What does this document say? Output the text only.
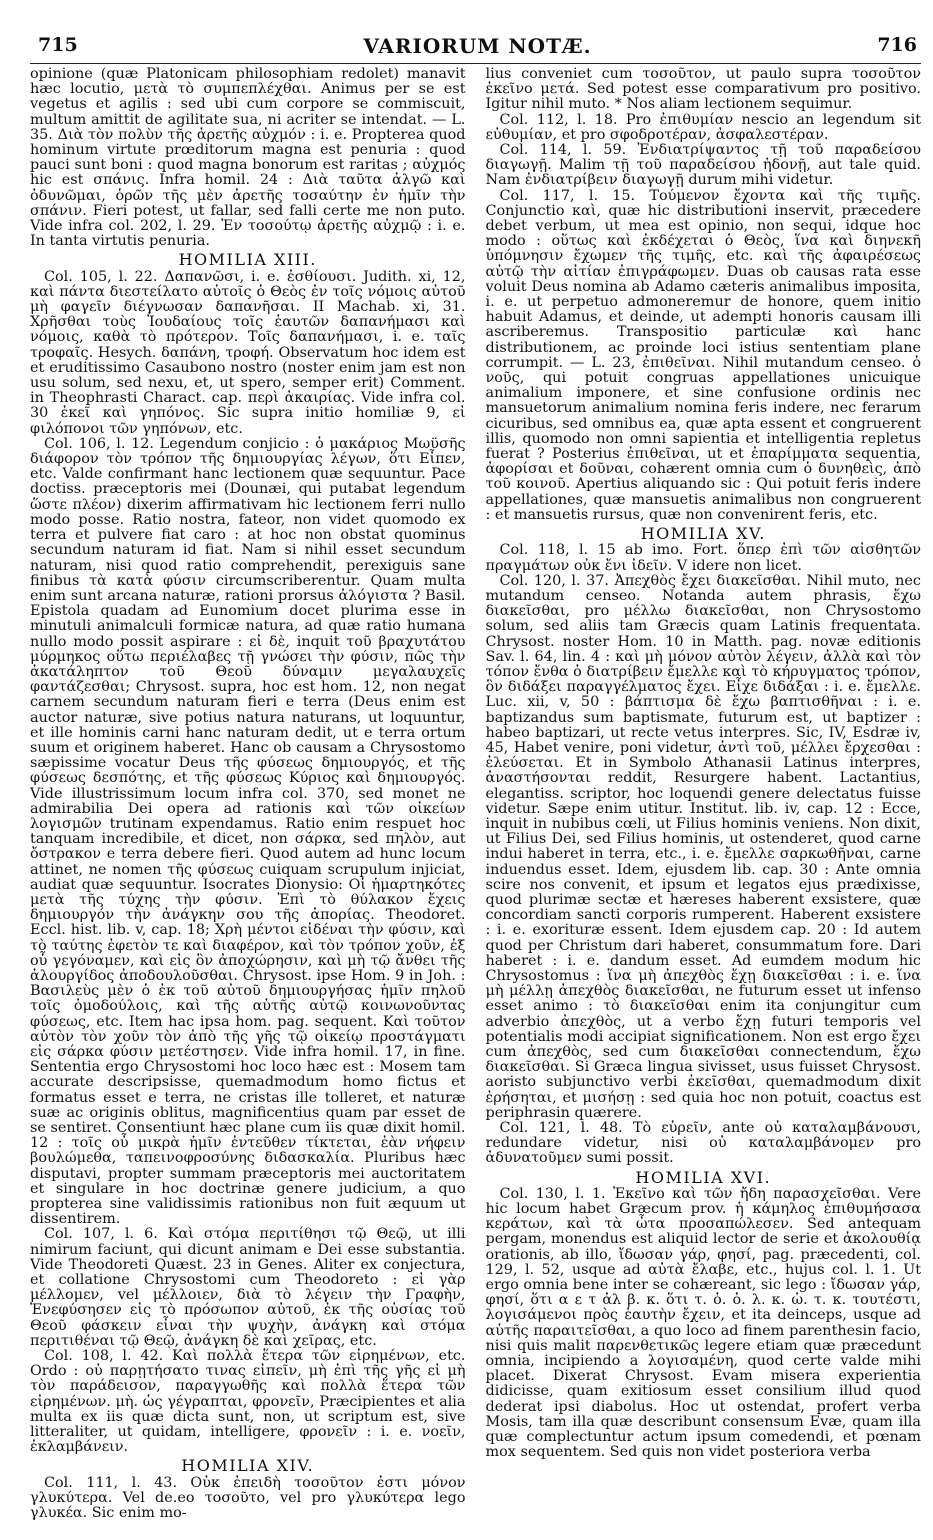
715	VARIORUM NOTÆ.	716

opinione (quæ Platonicam philosophiam redolet) manavit hæc locutio, μετὰ τὸ συμπεπλέχθαι. Animus per se est vegetus et agilis : sed ubi cum corpore se commiscuit, multum amittit de agilitate sua, ni acriter se intendat. — L. 35. Διὰ τὸν πολὺν τῆς ἀρετῆς αὐχμόν : i. e. Propterea quod hominum virtute prœditorum magna est penuria : quod pauci sunt boni : quod magna bonorum est raritas ; αὐχμός hic est σπάνις. Infra homil. 24 : Διὰ ταῦτα ἀλγῶ καὶ ὀδυνῶμαι, ὁρῶν τῆς μὲν ἀρετῆς τοσαύτην ἐν ἡμῖν τὴν σπάνιν. Fieri potest, ut fallar, sed falli certe me non puto. Vide infra col. 202, l. 29. Ἐν τοσούτῳ ἀρετῆς αὐχμῷ : i. e. In tanta virtutis penuria.

HOMILIA XIII.

Col. 105, l. 22. Δαπανῶσι, i. e. ἐσθίουσι. Judith. xi, 12, καὶ πάντα διεστείλατο αὐτοῖς ὁ Θεὸς ἐν τοῖς νόμοις αὐτοῦ μὴ φαγεῖν διέγνωσαν δαπανῆσαι. II Machab. xi, 31. Χρῆσθαι τοὺς Ἰουδαίους τοῖς ἑαυτῶν δαπανήμασι καὶ νόμοις, καθὰ τὸ πρότερον. Τοῖς δαπανήμασι, i. e. ταῖς τροφαῖς. Hesych. δαπάνη, τροφή. Observatum hoc idem est et eruditissimo Casaubono nostro (noster enim jam est non usu solum, sed nexu, et, ut spero, semper erit) Comment. in Theophrasti Charact. cap. περὶ ἀκαιρίας. Vide infra col. 30 ἐκεῖ καὶ γηπόνος. Sic supra initio homiliæ 9, εἰ φιλόπονοι τῶν γηπόνων, etc.

Col. 106, l. 12. Legendum conjicio : ὁ μακάριος Μωϋσῆς διάφορον τὸν τρόπον τῆς δημιουργίας λέγων, ὅτι Εἶπεν, etc. Valde confirmant hanc lectionem quæ sequuntur. Pace doctiss. præceptoris mei (Dounæi, qui putabat legendum ὥστε πλέον) dixerim affirmativam hic lectionem ferri nullo modo posse. Ratio nostra, fateor, non videt quomodo ex terra et pulvere fiat caro : at hoc non obstat quominus secundum naturam id fiat. Nam si nihil esset secundum naturam, nisi quod ratio comprehendit, perexiguis sane finibus τὰ κατὰ φύσιν circumscriberentur. Quam multa enim sunt arcana naturæ, rationi prorsus ἀλόγιστα ? Basil. Epistola quadam ad Eunomium docet plurima esse in minutuli animalculi formicæ natura, ad quæ ratio humana nullo modo possit aspirare : εἰ δὲ, inquit τοῦ βραχυτάτου μύρμηκος οὕτω περιέλαβες τῇ γνώσει τὴν φύσιν, πῶς τὴν ἀκατάληπτον τοῦ Θεοῦ δύναμιν μεγαλαυχεῖς φαντάζεσθαι; Chrysost. supra, hoc est hom. 12, non negat carnem secundum naturam fieri e terra (Deus enim est auctor naturæ, sive potius natura naturans, ut loquuntur, et ille hominis carni hanc naturam dedit, ut e terra ortum suum et originem haberet. Hanc ob causam a Chrysostomo sæpissime vocatur Deus τῆς φύσεως δημιουργός, et τῆς φύσεως δεσπότης, et τῆς φύσεως Κύριος καὶ δημιουργός. Vide illustrissimum locum infra col. 370, sed monet ne admirabilia Dei opera ad rationis καὶ τῶν οἰκείων λογισμῶν trutinam expendamus. Ratio enim respuet hoc tanquam incredibile, et dicet, non σάρκα, sed πηλὸν, aut ὄστρακον e terra debere fieri. Quod autem ad hunc locum attinet, ne nomen τῆς φύσεως cuiquam scrupulum injiciat, audiat quæ sequuntur. Isocrates Dionysio: Οἱ ἡμαρτηκότες μετὰ τῆς τύχης τὴν φύσιν. Ἐπὶ τὸ θύλακον ἔχεις δημιουργόν τὴν ἀνάγκην σου τῆς ἀπορίας. Theodoret. Eccl. hist. lib. v, cap. 18; Χρὴ μέντοι εἰδέναι τὴν φύσιν, καὶ τὸ ταύτης ἐφετὸν τε καὶ διαφέρον, καὶ τὸν τρόπον χοῦν, ἐξ οὗ γεγόναμεν, καὶ εἰς ὃν ἀποχώρησιν, καὶ μὴ τῷ ἄνθει τῆς ἀλουργίδος ἀποδουλοῦσθαι. Chrysost. ipse Hom. 9 in Joh. : Βασιλεὺς μὲν ὁ ἐκ τοῦ αὐτοῦ δημιουργήσας ἡμῖν πηλοῦ τοῖς ὁμοδούλοις, καὶ τῆς αὐτῆς αὐτῷ κοινωνοῦντας φύσεως, etc. Item hac ipsa hom. pag. sequent. Καὶ τοῦτον αὐτὸν τὸν χοῦν τὸν ἀπὸ τῆς γῆς τῷ οἰκείῳ προστάγματι εἰς σάρκα φύσιν μετέστησεν. Vide infra homil. 17, in fine. Sententia ergo Chrysostomi hoc loco hæc est : Mosem tam accurate descripsisse, quemadmodum homo fictus et formatus esset e terra, ne cristas ille tolleret, et naturæ suæ ac originis oblitus, magnificentius quam par esset de se sentiret. Consentiunt hæc plane cum iis quæ dixit homil. 12 : τοῖς οὖ μικρὰ ἡμῖν ἐντεῦθεν τίκτεται, ἐὰν νήφειν βουλώμεθα, ταπεινοφροσύνης διδασκαλία. Pluribus hæc disputavi, propter summam præceptoris mei auctoritatem et singulare in hoc doctrinæ genere judicium, a quo propterea sine validissimis rationibus non fuit æquum ut dissentirem.

Col. 107, l. 6. Καὶ στόμα περιτίθησι τῷ Θεῷ, ut illi nimirum faciunt, qui dicunt animam e Dei esse substantia. Vide Theodoreti Quæst. 23 in Genes. Aliter ex conjectura, et collatione Chrysostomi cum Theodoreto : εἰ γὰρ μέλλομεν, vel μέλλοιεν, διὰ τὸ λέγειν τὴν Γραφὴν, Ἐνεφύσησεν εἰς τὸ πρόσωπον αὐτοῦ, ἐκ τῆς οὐσίας τοῦ Θεοῦ φάσκειν εἶναι τὴν ψυχὴν, ἀνάγκη καὶ στόμα περιτιθέναι τῷ Θεῷ, ἀνάγκη δὲ καὶ χεῖρας, etc.

Col. 108, l. 42. Καὶ πολλὰ ἕτερα τῶν εἰρημένων, etc. Ordo : οὐ παρῃτήσατο τινας εἰπεῖν, μὴ ἐπὶ τῆς γῆς εἰ μὴ τὸν παράδεισον, παραγγωθῆς καὶ πολλὰ ἕτερα τῶν εἰρημένων. μὴ. ὡς γέγραπται, φρονεῖν, Præcipientes et alia multa ex iis quæ dicta sunt, non, ut scriptum est, sive litteraliter, ut quidam, intelligere, φρονεῖν : i. e. νοεῖν, ἐκλαμβάνειν.

HOMILIA XIV.

Col. 111, l. 43. Οὐκ ἐπειδὴ τοσοῦτον ἐστι μόνον γλυκύτερα. Vel de.eo τοσοῦτο, vel pro γλυκύτερα lego γλυκέα. Sic enim mo-

lius conveniet cum τοσοῦτον, ut paulo supra τοσοῦτον ἐκεῖνο μετά. Sed potest esse comparativum pro positivo. Igitur nihil muto. * Nos aliam lectionem sequimur.

Col. 112, l. 18. Pro ἐπιθυμίαν nescio an legendum sit εὐθυμίαν, et pro σφοδροτέραν, ἀσφαλεστέραν.

Col. 114, l. 59. Ἐνδιατρίψαντος τῇ τοῦ παραδείσου διαγωγῇ. Malim τῇ τοῦ παραδείσου ἡδονῇ, aut tale quid. Nam ἐνδιατρίβειν διαγωγῇ durum mihi videtur.

Col. 117, l. 15. Τούμενον ἔχοντα καὶ τῆς τιμῆς. Conjunctio καὶ, quæ hic distributioni inservit, præcedere debet verbum, ut mea est opinio, non sequi, idque hoc modo : οὕτως καὶ ἐκδέχεται ὁ Θεὸς, ἵνα καὶ διηνεκῆ ὑπόμνησιν ἔχωμεν τῆς τιμῆς, etc. καὶ τῆς ἀφαιρέσεως αὐτῷ τὴν αἰτίαν ἐπιγράφωμεν. Duas ob causas rata esse voluit Deus nomina ab Adamo cæteris animalibus imposita, i. e. ut perpetuo admoneremur de honore, quem initio habuit Adamus, et deinde, ut adempti honoris causam illi ascriberemus. Transpositio particulæ καὶ hanc distributionem, ac proinde loci istius sententiam plane corrumpit. — L. 23, ἐπιθεῖναι. Nihil mutandum censeo. ὁ νοῦς, qui potuit congruas appellationes unicuique animalium imponere, et sine confusione ordinis nec mansuetorum animalium nomina feris indere, nec ferarum cicuribus, sed omnibus ea, quæ apta essent et congruerent illis, quomodo non omni sapientia et intelligentia repletus fuerat ? Posterius ἐπιθεῖναι, ut et ἐπαρίμματα sequentia, ἀφορίσαι et δοῦναι, cohærent omnia cum ὁ δυνηθεὶς, ἀπὸ τοῦ κοινοῦ. Apertius aliquando sic : Qui potuit feris indere appellationes, quæ mansuetis animalibus non congruerent : et mansuetis rursus, quæ non convenirent feris, etc.

HOMILIA XV.

Col. 118, l. 15 ab imo. Fort. ὅπερ ἐπὶ τῶν αἰσθητῶν πραγμάτων οὐκ ἔνι ἰδεῖν. V idere non licet.

Col. 120, l. 37. Ἀπεχθὸς ἔχει διακεῖσθαι. Nihil muto, nec mutandum censeo. Notanda autem phrasis, ἔχω διακεῖσθαι, pro μέλλω διακεῖσθαι, non Chrysostomo solum, sed aliis tam Græcis quam Latinis frequentata. Chrysost. noster Hom. 10 in Matth. pag. novæ editionis Sav. l. 64, lin. 4 : καὶ μὴ μόνον αὐτὸν λέγειν, ἀλλὰ καὶ τὸν τόπον ἔνθα ὁ διατρίβειν ἔμελλε καὶ τὸ κήρυγματος τρόπον, ὃν διδάξει παραγγέλματος ἔχει. Εἶχε διδάξαι : i. e. ἔμελλε. Luc. xii, v, 50 : βάπτισμα δὲ ἔχω βαπτισθῆναι : i. e. baptizandus sum baptismate, futurum est, ut baptizer : habeo baptizari, ut recte vetus interpres. Sic, IV, Esdræ iv, 45, Habet venire, poni videtur, ἀντὶ τοῦ, μέλλει ἔρχεσθαι : ἐλεύσεται. Et in Symbolo Athanasii Latinus interpres, ἀναστήσονται reddit, Resurgere habent. Lactantius, elegantiss. scriptor, hoc loquendi genere delectatus fuisse videtur. Sæpe enim utitur. Institut. lib. iv, cap. 12 : Ecce, inquit in nubibus cœli, ut Filius hominis veniens. Non dixit, ut Filius Dei, sed Filius hominis, ut ostenderet, quod carne indui haberet in terra, etc., i. e. ἔμελλε σαρκωθῆναι, carne induendus esset. Idem, ejusdem lib. cap. 30 : Ante omnia scire nos convenit, et ipsum et legatos ejus prædixisse, quod plurimæ sectæ et hæreses haberent exsistere, quæ concordiam sancti corporis rumperent. Haberent exsistere : i. e. exorituræ essent. Idem ejusdem cap. 20 : Id autem quod per Christum dari haberet, consummatum fore. Dari haberet : i. e. dandum esset. Ad eumdem modum hic Chrysostomus : ἵνα μὴ ἀπεχθὸς ἔχῃ διακεῖσθαι : i. e. ἵνα μὴ μέλλῃ ἀπεχθὸς διακεῖσθαι, ne futurum esset ut infenso esset animo : τὸ διακεῖσθαι enim ita conjungitur cum adverbio ἀπεχθὸς, ut a verbo ἔχῃ futuri temporis vel potentialis modi accipiat significationem. Non est ergo ἔχει cum ἀπεχθὸς, sed cum διακεῖσθαι connectendum, ἔχω διακεῖσθαι. Si Græca lingua sivisset, usus fuisset Chrysost. aoristo subjunctivo verbi ἐκεῖσθαι, quemadmodum dixit ἐρήσηται, et μισήσῃ : sed quia hoc non potuit, coactus est periphrasin quærere.

Col. 121, l. 48. Τὸ εὑρεῖν, ante οὐ καταλαμβάνουσι, redundare videtur, nisi οὐ καταλαμβάνομεν pro ἀδυνατοῦμεν sumi possit.

HOMILIA XVI.

Col. 130, l. 1. Ἐκεῖνο καὶ τῶν ἤδη παρασχεῖσθαι. Vere hic locum habet Græcum prov. ἡ κάμηλος ἐπιθυμήσασα κεράτων, καὶ τὰ ὦτα προσαπώλεσεν. Sed antequam pergam, monendus est aliquid lector de serie et ἀκολουθίᾳ orationis, ab illo, ἴδωσαν γάρ, φησί, pag. præcedenti, col. 129, l. 52, usque ad αὐτὰ ἔλαβε, etc., hujus col. l. 1. Ut ergo omnia bene inter se cohæreant, sic lego : ἴδωσαν γάρ, φησί, ὅτι α ε τ ἀλ β. κ. ὅτι τ. ὁ. ὀ. λ. κ. ὡ. τ. κ. τουτέστι, λογισάμενοι πρὸς ἑαυτὴν ἔχειν, et ita deinceps, usque ad αὐτῆς παραιτεῖσθαι, a quo loco ad finem parenthesin facio, nisi quis malit παρενθετικῶς legere etiam quæ præcedunt omnia, incipiendo a λογισαμένη, quod certe valde mihi placet. Dixerat Chrysost. Evam misera experientia didicisse, quam exitiosum esset consilium illud quod dederat ipsi diabolus. Hoc ut ostendat, profert verba Mosis, tam illa quæ describunt consensum Evæ, quam illa quæ complectuntur actum ipsum comedendi, et pœnam mox sequentem. Sed quis non videt posteriora verba
